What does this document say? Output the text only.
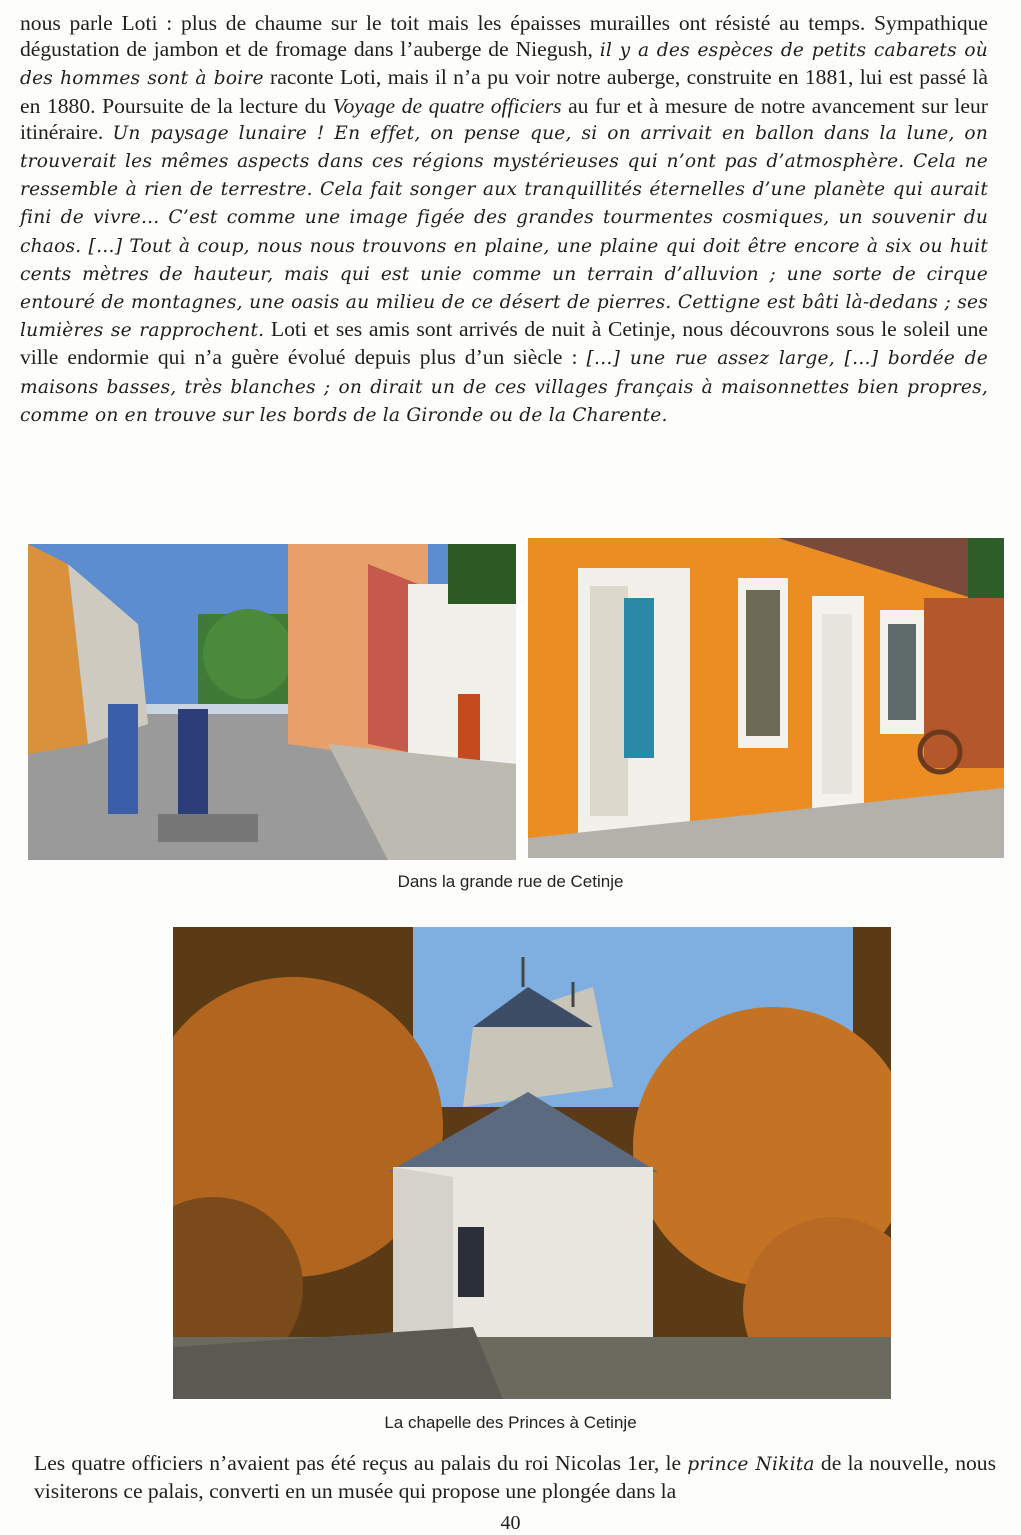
nous parle Loti : plus de chaume sur le toit mais les épaisses murailles ont résisté au temps. Sympathique dégustation de jambon et de fromage dans l’auberge de Niegush, il y a des espèces de petits cabarets où des hommes sont à boire raconte Loti, mais il n’a pu voir notre auberge, construite en 1881, lui est passé là en 1880. Poursuite de la lecture du Voyage de quatre officiers au fur et à mesure de notre avancement sur leur itinéraire. Un paysage lunaire ! En effet, on pense que, si on arrivait en ballon dans la lune, on trouverait les mêmes aspects dans ces régions mystérieuses qui n’ont pas d’atmosphère. Cela ne ressemble à rien de terrestre. Cela fait songer aux tranquillités éternelles d’une planète qui aurait fini de vivre... C’est comme une image figée des grandes tourmentes cosmiques, un souvenir du chaos. […] Tout à coup, nous nous trouvons en plaine, une plaine qui doit être encore à six ou huit cents mètres de hauteur, mais qui est unie comme un terrain d’alluvion ; une sorte de cirque entouré de montagnes, une oasis au milieu de ce désert de pierres. Cettigne est bâti là-dedans ; ses lumières se rapprochent. Loti et ses amis sont arrivés de nuit à Cetinje, nous découvrons sous le soleil une ville endormie qui n’a guère évolué depuis plus d’un siècle : […] une rue assez large, […] bordée de maisons basses, très blanches ; on dirait un de ces villages français à maisonnettes bien propres, comme on en trouve sur les bords de la Gironde ou de la Charente.
Dans la grande rue de Cetinje
La chapelle des Princes à Cetinje
Les quatre officiers n’avaient pas été reçus au palais du roi Nicolas 1er, le prince Nikita de la nouvelle, nous visiterons ce palais, converti en un musée qui propose une plongée dans la
40
